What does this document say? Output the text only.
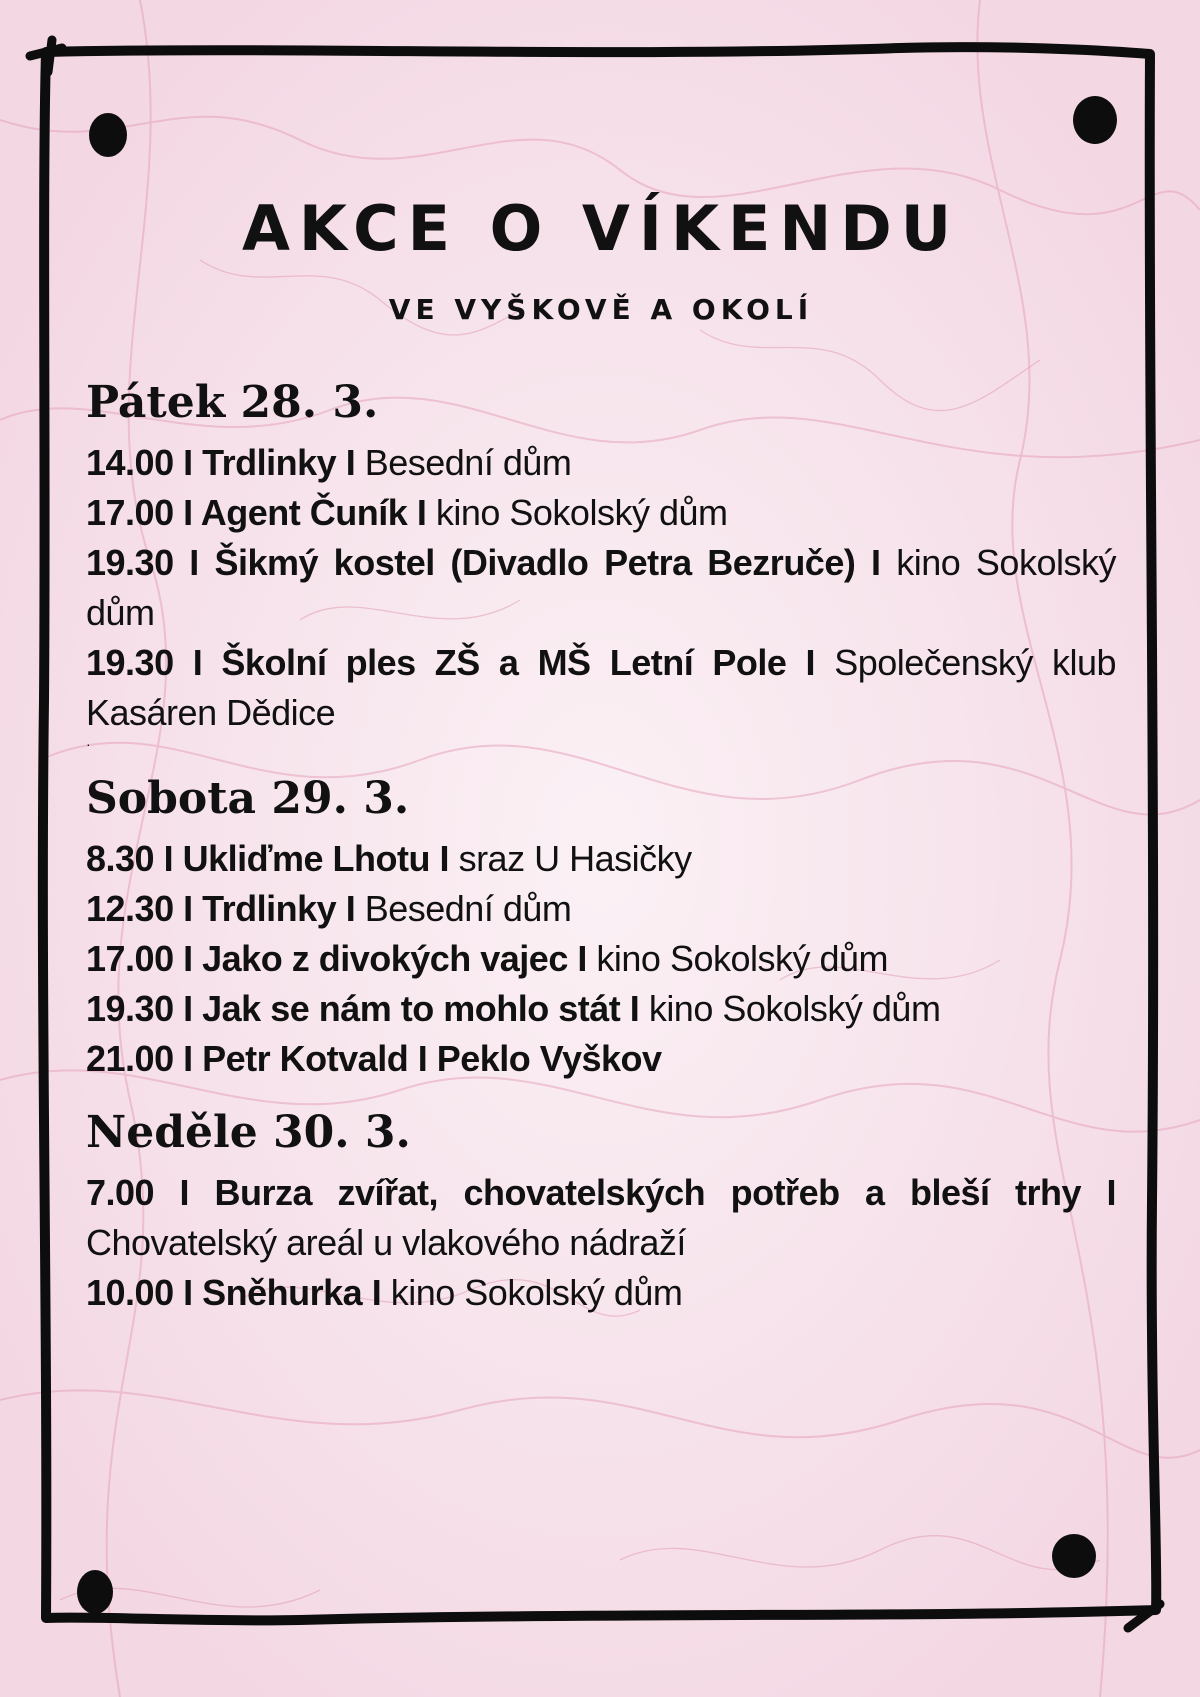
AKCE O VÍKENDU
VE VYŠKOVĚ A OKOLÍ
Pátek 28. 3.
14.00 I Trdlinky I Besední dům
17.00 I Agent Čuník I kino Sokolský dům
19.30 I Šikmý kostel (Divadlo Petra Bezruče) I kino Sokolský dům
19.30 I Školní ples ZŠ a MŠ Letní Pole I Společenský klub Kasáren Dědice
·
Sobota 29. 3.
8.30 I Ukliďme Lhotu I sraz U Hasičky
12.30 I Trdlinky I Besední dům
17.00 I Jako z divokých vajec I kino Sokolský dům
19.30 I Jak se nám to mohlo stát I kino Sokolský dům
21.00 I Petr Kotvald I Peklo Vyškov
Neděle 30. 3.
7.00 I Burza zvířat, chovatelských potřeb a bleší trhy I Chovatelský areál u vlakového nádraží
10.00 I Sněhurka I kino Sokolský dům
